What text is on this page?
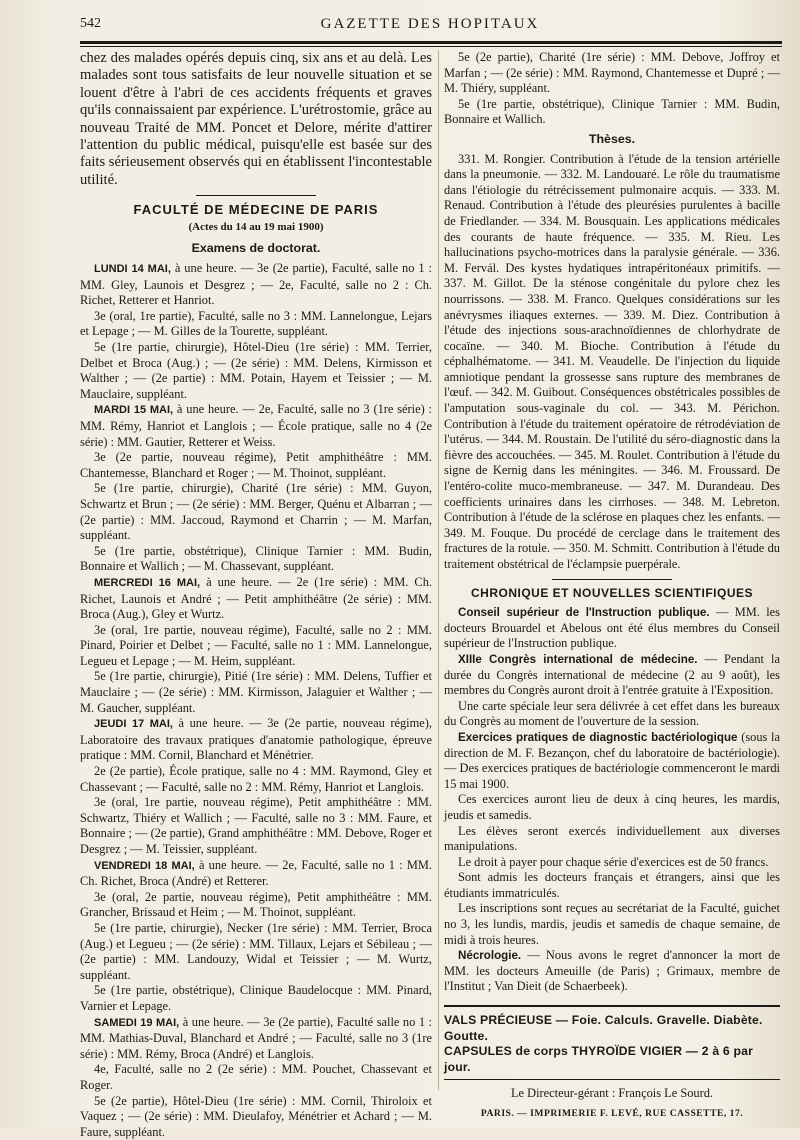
542	GAZETTE DES HOPITAUX

chez des malades opérés depuis cinq, six ans et au delà. Les malades sont tous satisfaits de leur nouvelle situation et se louent d'être à l'abri de ces accidents fréquents et graves qu'ils connaissaient par expérience. L'urétrostomie, grâce au nouveau Traité de MM. Poncet et Delore, mérite d'attirer l'attention du public médical, puisqu'elle est basée sur des faits sérieusement observés qui en établissent l'incontestable utilité.

FACULTÉ DE MÉDECINE DE PARIS
(Actes du 14 au 19 mai 1900)
Examens de doctorat.

LUNDI 14 MAI, à une heure. — 3e (2e partie), Faculté, salle no 1 : MM. Gley, Launois et Desgrez ; — 2e, Faculté, salle no 2 : Ch. Richet, Retterer et Hanriot.

3e (oral, 1re partie), Faculté, salle no 3 : MM. Lannelongue, Lejars et Lepage ; — M. Gilles de la Tourette, suppléant.

5e (1re partie, chirurgie), Hôtel-Dieu (1re série) : MM. Terrier, Delbet et Broca (Aug.) ; — (2e série) : MM. Delens, Kirmisson et Walther ; — (2e partie) : MM. Potain, Hayem et Teissier ; — M. Mauclaire, suppléant.

MARDI 15 MAI, à une heure. — 2e, Faculté, salle no 3 (1re série) : MM. Rémy, Hanriot et Langlois ; — École pratique, salle no 4 (2e série) : MM. Gautier, Retterer et Weiss.

3e (2e partie, nouveau régime), Petit amphithéâtre : MM. Chantemesse, Blanchard et Roger ; — M. Thoinot, suppléant.

5e (1re partie, chirurgie), Charité (1re série) : MM. Guyon, Schwartz et Brun ; — (2e série) : MM. Berger, Quénu et Albarran ; — (2e partie) : MM. Jaccoud, Raymond et Charrin ; — M. Marfan, suppléant.

5e (1re partie, obstétrique), Clinique Tarnier : MM. Budin, Bonnaire et Wallich ; — M. Chassevant, suppléant.

MERCREDI 16 MAI, à une heure. — 2e (1re série) : MM. Ch. Richet, Launois et André ; — Petit amphithéâtre (2e série) : MM. Broca (Aug.), Gley et Wurtz.

3e (oral, 1re partie, nouveau régime), Faculté, salle no 2 : MM. Pinard, Poirier et Delbet ; — Faculté, salle no 1 : MM. Lannelongue, Legueu et Lepage ; — M. Heim, suppléant.

5e (1re partie, chirurgie), Pitié (1re série) : MM. Delens, Tuffier et Mauclaire ; — (2e série) : MM. Kirmisson, Jalaguier et Walther ; — M. Gaucher, suppléant.

JEUDI 17 MAI, à une heure. — 3e (2e partie, nouveau régime), Laboratoire des travaux pratiques d'anatomie pathologique, épreuve pratique : MM. Cornil, Blanchard et Ménétrier.

2e (2e partie), École pratique, salle no 4 : MM. Raymond, Gley et Chassevant ; — Faculté, salle no 2 : MM. Rémy, Hanriot et Langlois.

3e (oral, 1re partie, nouveau régime), Petit amphithéâtre : MM. Schwartz, Thiéry et Wallich ; — Faculté, salle no 3 : MM. Faure, et Bonnaire ; — (2e partie), Grand amphithéâtre : MM. Debove, Roger et Desgrez ; — M. Teissier, suppléant.

VENDREDI 18 MAI, à une heure. — 2e, Faculté, salle no 1 : MM. Ch. Richet, Broca (André) et Retterer.

3e (oral, 2e partie, nouveau régime), Petit amphithéâtre : MM. Grancher, Brissaud et Heim ; — M. Thoinot, suppléant.

5e (1re partie, chirurgie), Necker (1re série) : MM. Terrier, Broca (Aug.) et Legueu ; — (2e série) : MM. Tillaux, Lejars et Sébileau ; — (2e partie) : MM. Landouzy, Widal et Teissier ; — M. Wurtz, suppléant.

5e (1re partie, obstétrique), Clinique Baudelocque : MM. Pinard, Varnier et Lepage.

SAMEDI 19 MAI, à une heure. — 3e (2e partie), Faculté salle no 1 : MM. Mathias-Duval, Blanchard et André ; — Faculté, salle no 3 (1re série) : MM. Rémy, Broca (André) et Langlois.

4e, Faculté, salle no 2 (2e série) : MM. Pouchet, Chassevant et Roger.

5e (2e partie), Hôtel-Dieu (1re série) : MM. Cornil, Thiroloix et Vaquez ; — (2e série) : MM. Dieulafoy, Ménétrier et Achard ; — M. Faure, suppléant.

5e (2e partie), Charité (1re série) : MM. Debove, Joffroy et Marfan ; — (2e série) : MM. Raymond, Chantemesse et Dupré ; — M. Thiéry, suppléant.

5e (1re partie, obstétrique), Clinique Tarnier : MM. Budin, Bonnaire et Wallich.

Thèses.

331. M. Rongier. Contribution à l'étude de la tension artérielle dans la pneumonie. — 332. M. Landouaré. Le rôle du traumatisme dans l'étiologie du rétrécissement pulmonaire acquis. — 333. M. Renaud. Contribution à l'étude des pleurésies purulentes à bacille de Friedlander. — 334. M. Bousquain. Les applications médicales des courants de haute fréquence. — 335. M. Rieu. Les hallucinations psycho-motrices dans la paralysie générale. — 336. M. Fervál. Des kystes hydatiques intrapéritonéaux primitifs. — 337. M. Gillot. De la sténose congénitale du pylore chez les nourrissons. — 338. M. Franco. Quelques considérations sur les anévrysmes iliaques externes. — 339. M. Diez. Contribution à l'étude des injections sous-arachnoïdiennes de chlorhydrate de cocaïne. — 340. M. Bioche. Contribution à l'étude du céphalhématome. — 341. M. Veaudelle. De l'injection du liquide amniotique pendant la grossesse sans rupture des membranes de l'œuf. — 342. M. Guibout. Conséquences obstétricales possibles de l'amputation sous-vaginale du col. — 343. M. Périchon. Contribution à l'étude du traitement opératoire de rétrodéviation de l'utérus. — 344. M. Roustain. De l'utilité du séro-diagnostic dans la fièvre des accouchées. — 345. M. Roulet. Contribution à l'étude du signe de Kernig dans les méningites. — 346. M. Froussard. De l'entéro-colite muco-membraneuse. — 347. M. Durandeau. Des coefficients urinaires dans les cirrhoses. — 348. M. Lebreton. Contribution à l'étude de la sclérose en plaques chez les enfants. — 349. M. Fouque. Du procédé de cerclage dans le traitement des fractures de la rotule. — 350. M. Schmitt. Contribution à l'étude du traitement obstétrical de l'éclampsie puerpérale.

CHRONIQUE ET NOUVELLES SCIENTIFIQUES

Conseil supérieur de l'Instruction publique. — MM. les docteurs Brouardel et Abelous ont été élus membres du Conseil supérieur de l'Instruction publique.

XIIIe Congrès international de médecine. — Pendant la durée du Congrès international de médecine (2 au 9 août), les membres du Congrès auront droit à l'entrée gratuite à l'Exposition.

Une carte spéciale leur sera délivrée à cet effet dans les bureaux du Congrès au moment de l'ouverture de la session.

Exercices pratiques de diagnostic bactériologique (sous la direction de M. F. Bezançon, chef du laboratoire de bactériologie). — Des exercices pratiques de bactériologie commenceront le mardi 15 mai 1900.

Ces exercices auront lieu de deux à cinq heures, les mardis, jeudis et samedis.

Les élèves seront exercés individuellement aux diverses manipulations.

Le droit à payer pour chaque série d'exercices est de 50 francs.

Sont admis les docteurs français et étrangers, ainsi que les étudiants immatriculés.

Les inscriptions sont reçues au secrétariat de la Faculté, guichet no 3, les lundis, mardis, jeudis et samedis de chaque semaine, de midi à trois heures.

Nécrologie. — Nous avons le regret d'annoncer la mort de MM. les docteurs Ameuille (de Paris) ; Grimaux, membre de l'Institut ; Van Dieit (de Schaerbeek).

VALS PRÉCIEUSE — Foie. Calculs. Gravelle. Diabète. Goutte.

CAPSULES de corps THYROÏDE VIGIER — 2 à 6 par jour.

Le Directeur-gérant : François Le Sourd.

PARIS. — IMPRIMERIE F. LEVÉ, RUE CASSETTE, 17.
